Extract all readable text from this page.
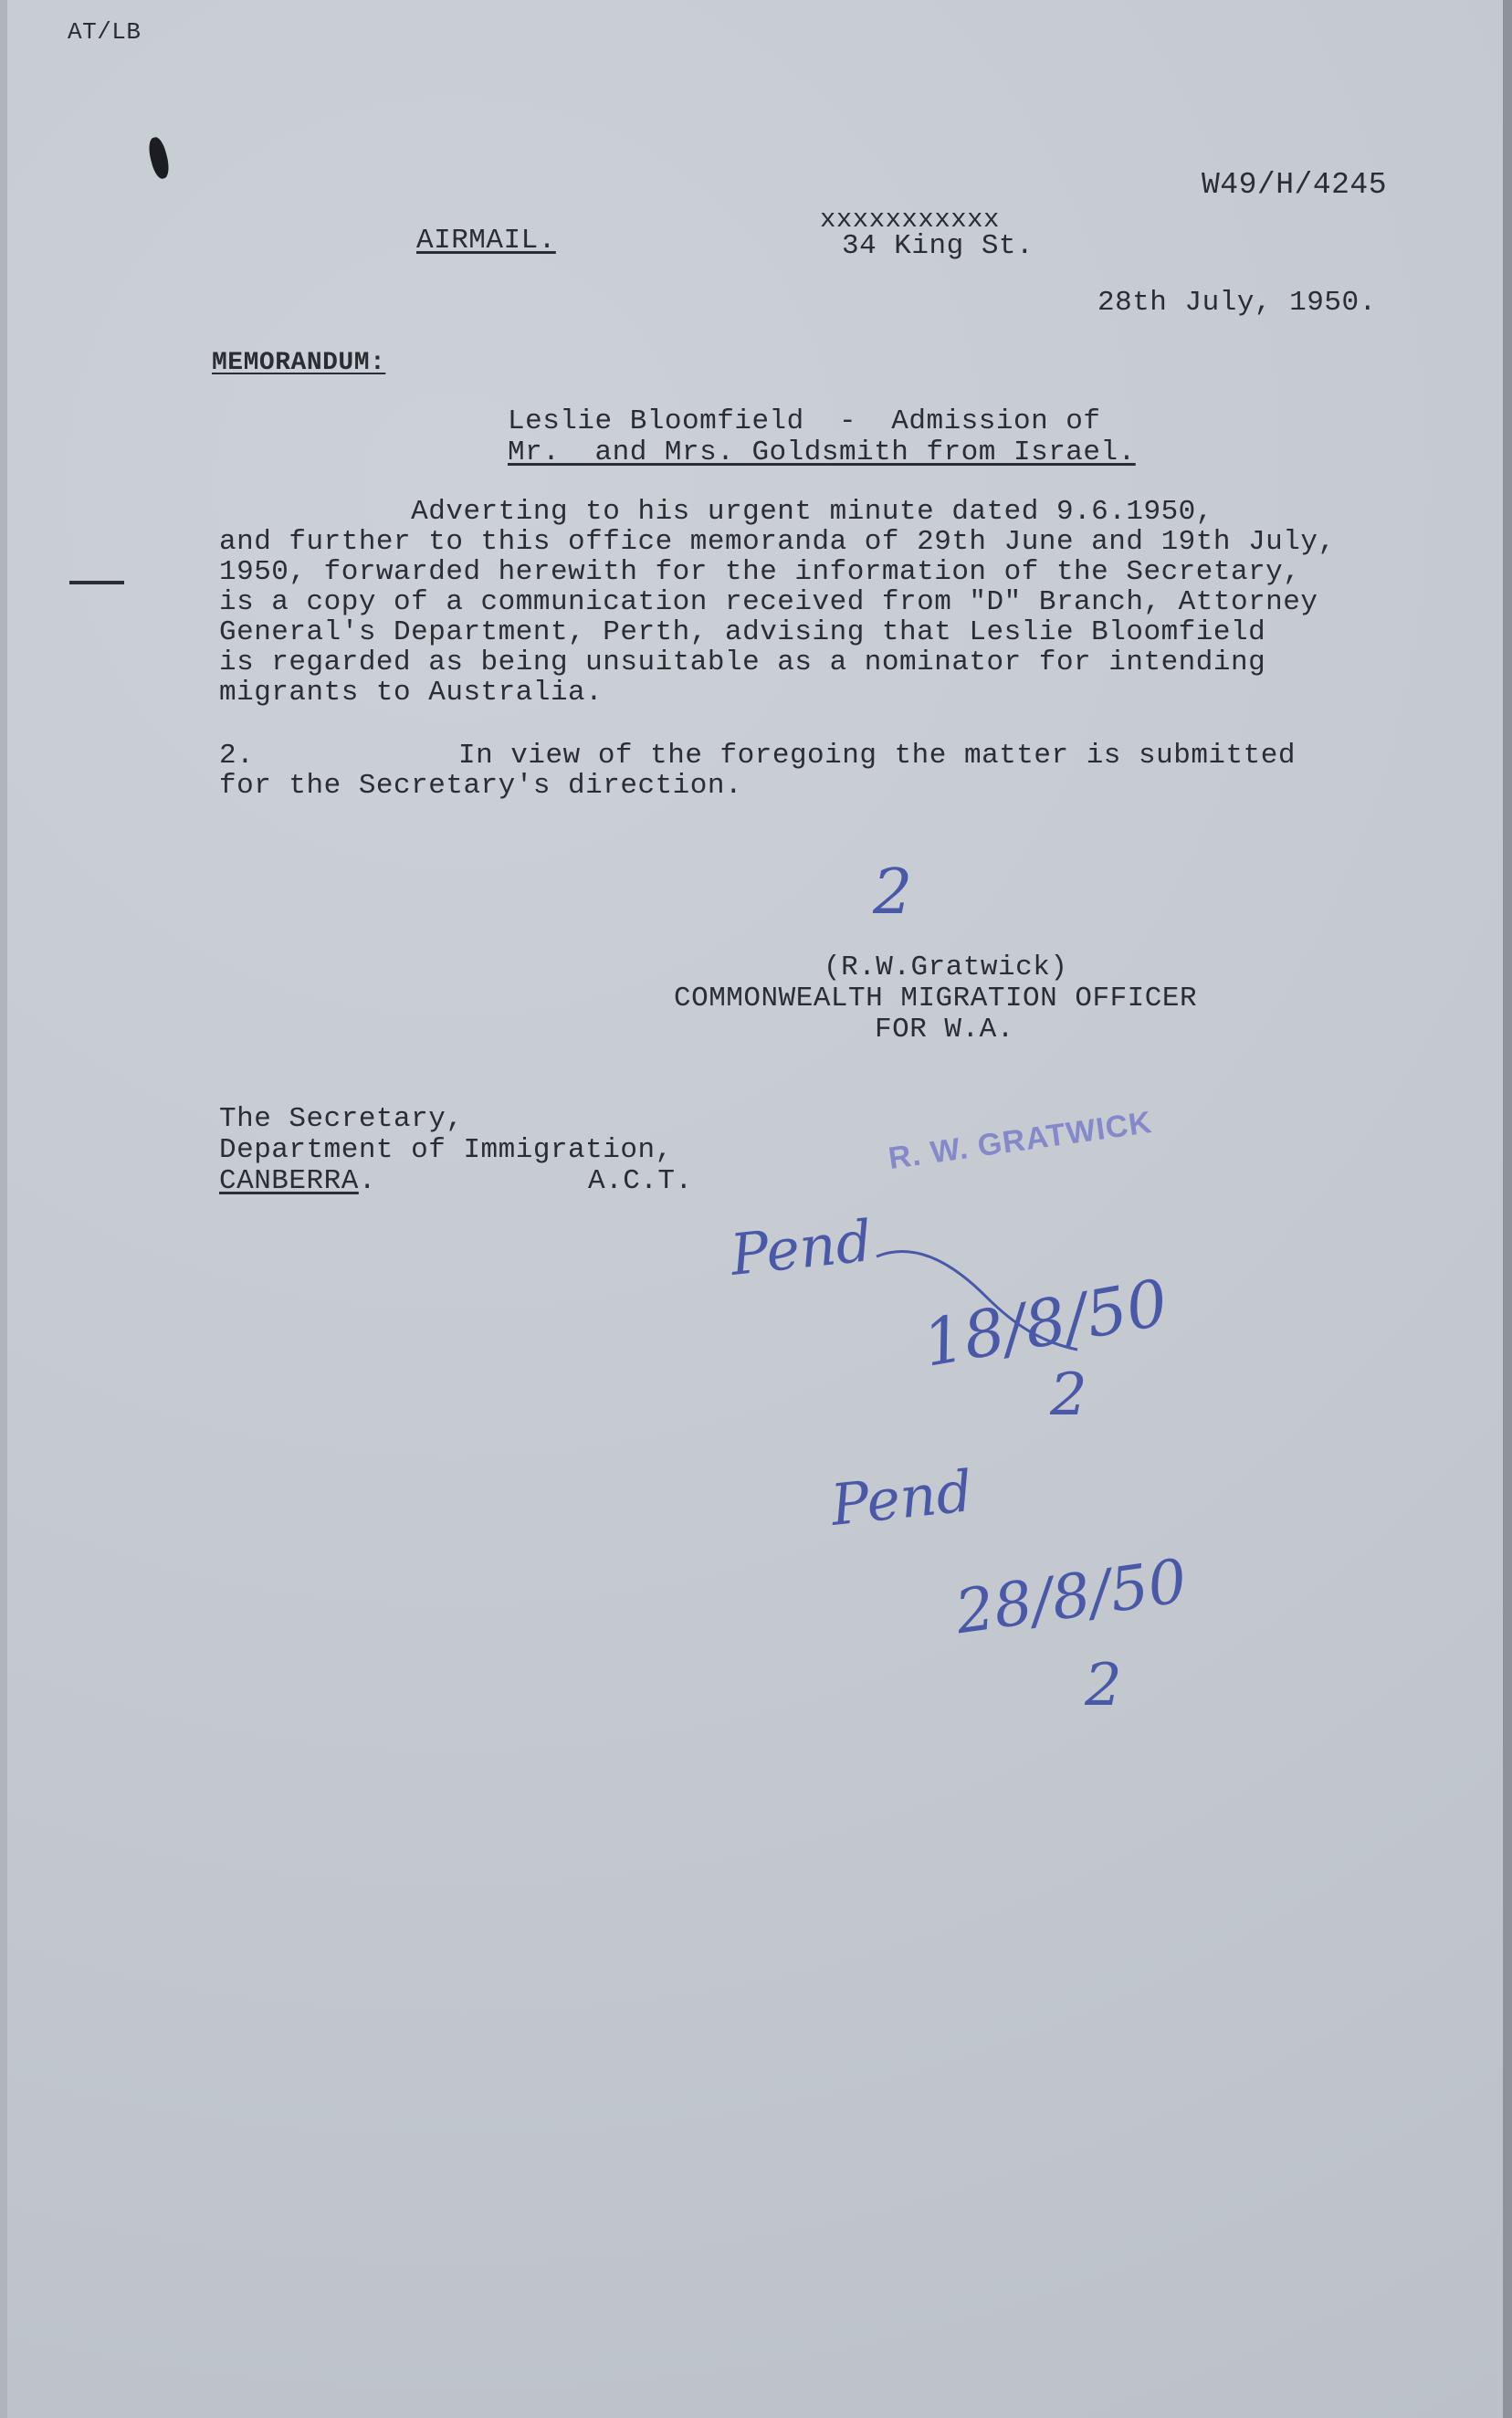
AT/LB
W49/H/4245
AIRMAIL.
xxxxxxxxxxx
34 King St.
28th July, 1950.
MEMORANDUM:
Leslie Bloomfield  -  Admission of
Mr.  and Mrs. Goldsmith from Israel.
Adverting to his urgent minute dated 9.6.1950,
and further to this office memoranda of 29th June and 19th July,
1950, forwarded herewith for the information of the Secretary,
is a copy of a communication received from "D" Branch, Attorney
General's Department, Perth, advising that Leslie Bloomfield
is regarded as being unsuitable as a nominator for intending
migrants to Australia.
2.	In view of the foregoing the matter is submitted
for the Secretary's direction.
2
(R.W.Gratwick)
COMMONWEALTH MIGRATION OFFICER
FOR W.A.
The Secretary,
Department of Immigration,
CANBERRA.	A.C.T.
R. W. GRATWICK
Pend
18/8/50
2
Pend
28/8/50
2
